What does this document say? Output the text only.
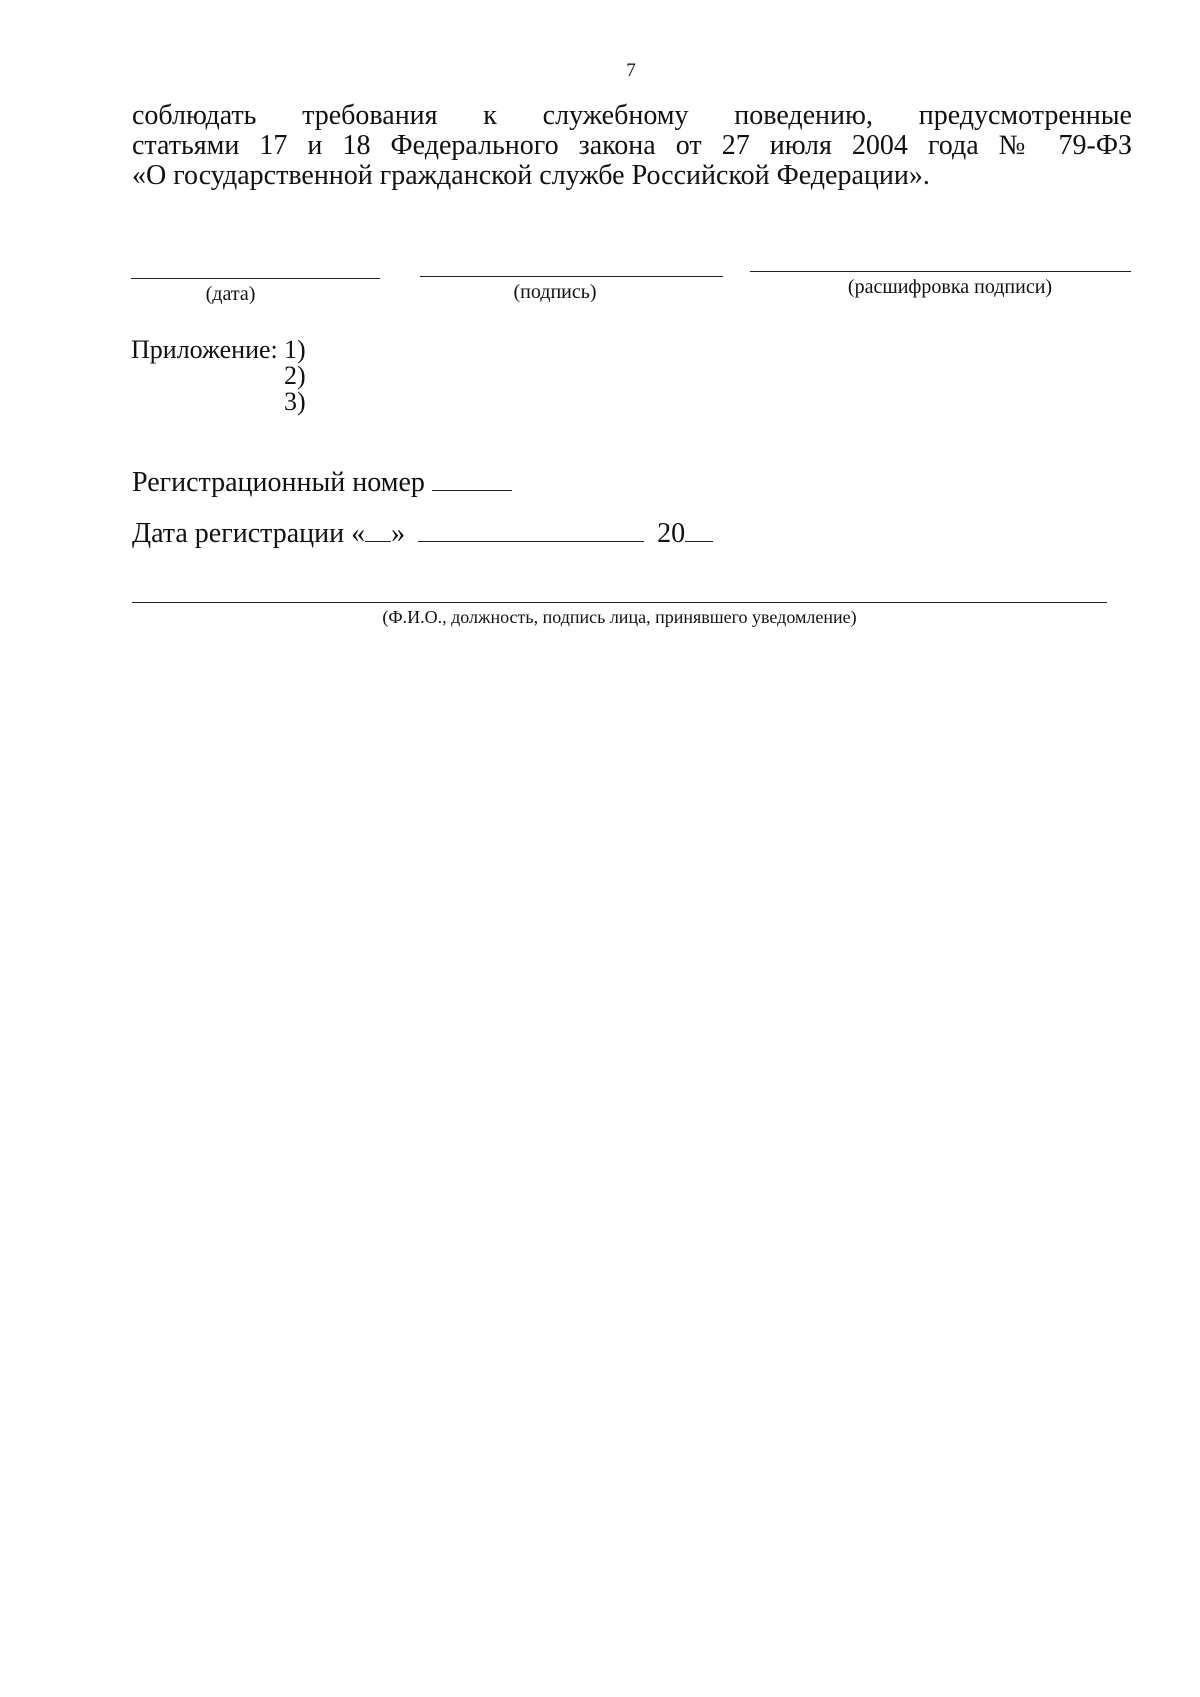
7
соблюдать требования к служебному поведению, предусмотренные
статьями 17 и 18 Федерального закона от 27 июля 2004 года № 79-ФЗ
«О государственной гражданской службе Российской Федерации».
(дата)	(подпись)	(расшифровка подписи)
Приложение: 1)
2)
3)
Регистрационный номер
Дата регистрации « »	20
(Ф.И.О., должность, подпись лица, принявшего уведомление)
